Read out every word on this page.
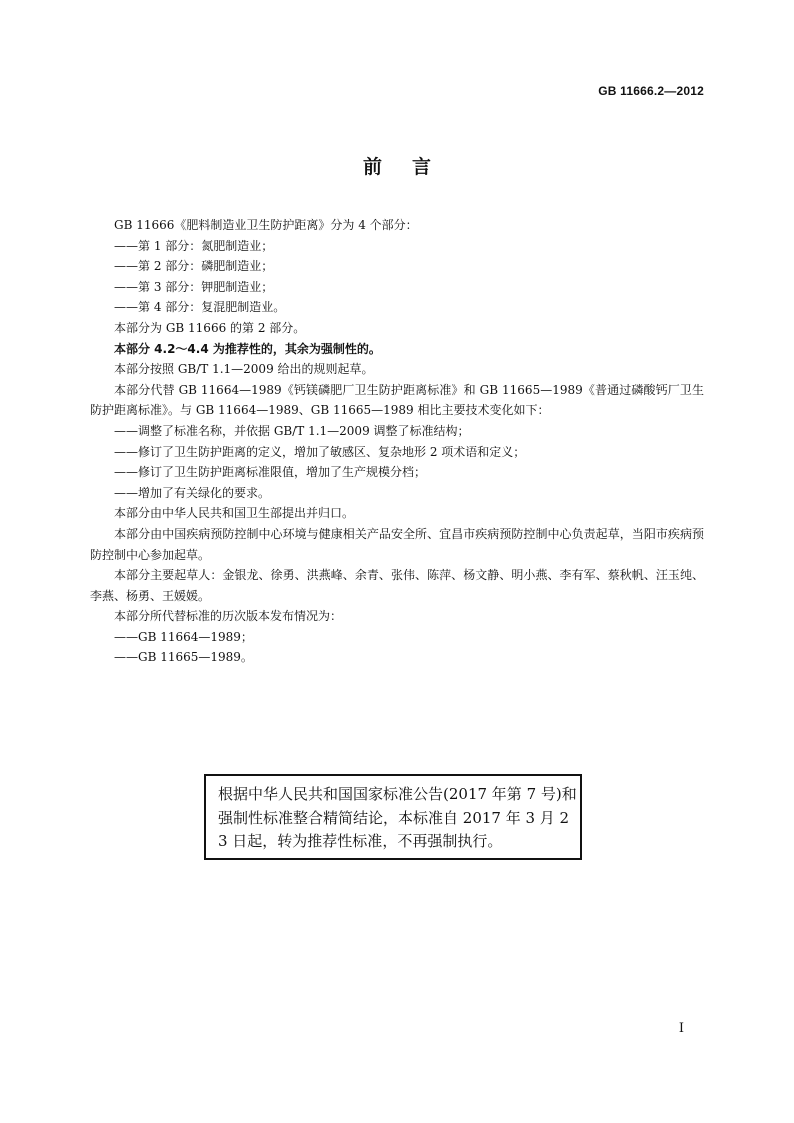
GB 11666.2—2012
前言

GB 11666《肥料制造业卫生防护距离》分为 4 个部分：

——第 1 部分：氮肥制造业；

——第 2 部分：磷肥制造业；

——第 3 部分：钾肥制造业；

——第 4 部分：复混肥制造业。

本部分为 GB 11666 的第 2 部分。

本部分 4.2～4.4 为推荐性的，其余为强制性的。

本部分按照 GB/T 1.1—2009 给出的规则起草。

本部分代替 GB 11664—1989《钙镁磷肥厂卫生防护距离标准》和 GB 11665—1989《普通过磷酸钙厂卫生防护距离标准》。与 GB 11664—1989、GB 11665—1989 相比主要技术变化如下：

——调整了标准名称，并依据 GB/T 1.1—2009 调整了标准结构；

——修订了卫生防护距离的定义，增加了敏感区、复杂地形 2 项术语和定义；

——修订了卫生防护距离标准限值，增加了生产规模分档；

——增加了有关绿化的要求。

本部分由中华人民共和国卫生部提出并归口。

本部分由中国疾病预防控制中心环境与健康相关产品安全所、宜昌市疾病预防控制中心负责起草，当阳市疾病预防控制中心参加起草。

本部分主要起草人：金银龙、徐勇、洪燕峰、余青、张伟、陈萍、杨文静、明小燕、李有军、蔡秋帆、汪玉纯、李燕、杨勇、王媛媛。

本部分所代替标准的历次版本发布情况为：

——GB 11664—1989；

——GB 11665—1989。

根据中华人民共和国国家标准公告(2017 年第 7 号)和强制性标准整合精简结论，本标准自 2017 年 3 月 23 日起，转为推荐性标准，不再强制执行。

I
